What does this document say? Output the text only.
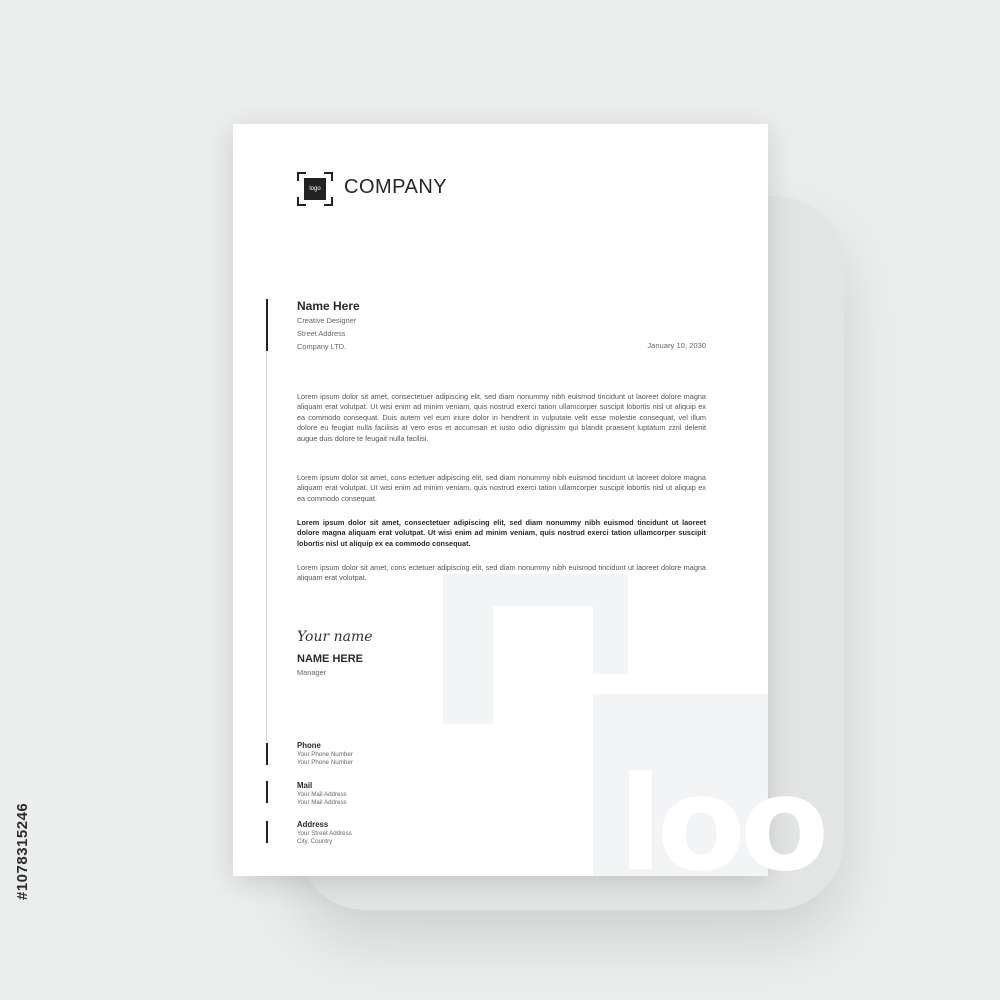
loo
logo COMPANY
Name Here
Creative Designer
Street Address
Company LTD.	January 10, 2030

Lorem ipsum dolor sit amet, consectetuer adipiscing elit, sed diam nonummy nibh euismod tincidunt ut laoreet dolore magna aliquam erat volutpat. Ut wisi enim ad minim veniam, quis nostrud exerci tation ullamcorper suscipit lobortis nisl ut aliquip ex ea commodo consequat. Duis autem vel eum iriure dolor in hendrerit in vulputate velit esse molestie consequat, vel illum dolore eu feugiat nulla facilisis at vero eros et accumsan et iusto odio dignissim qui blandit praesent luptatum zzril delenit augue duis dolore te feugait nulla facilisi.

Lorem ipsum dolor sit amet, cons ectetuer adipiscing elit, sed diam nonummy nibh euismod tincidunt ut laoreet dolore magna aliquam erat volutpat. Ut wisi enim ad minim veniam, quis nostrud exerci tation ullamcorper suscipit lobortis nisl ut aliquip ex ea commodo consequat.

Lorem ipsum dolor sit amet, consectetuer adipiscing elit, sed diam nonummy nibh euismod tincidunt ut laoreet dolore magna aliquam erat volutpat. Ut wisi enim ad minim veniam, quis nostrud exerci tation ullamcorper suscipit lobortis nisl ut aliquip ex ea commodo consequat.

Lorem ipsum dolor sit amet, cons ectetuer adipiscing elit, sed diam nonummy nibh euismod tincidunt ut laoreet dolore magna aliquam erat volutpat.

Your name
NAME HERE
Manager
Phone
Your Phone Number
Your Phone Number
Mail
Your Mail Address
Your Mail Address
Address
Your Street Address
City, Country
#1078315246
